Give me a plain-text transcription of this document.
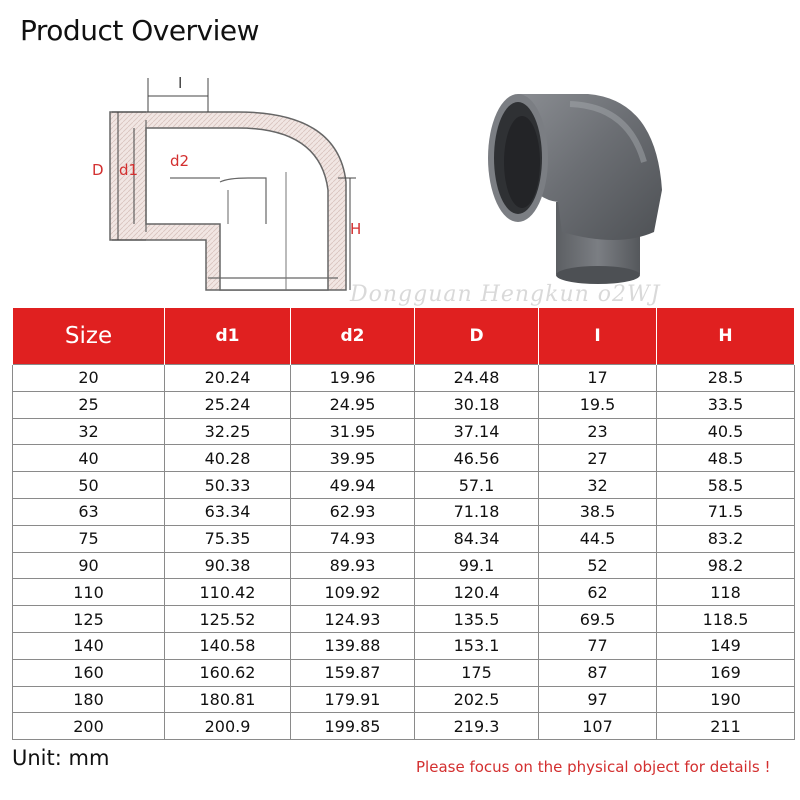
Product Overview
I
D d1 d2
H
Dongguan Hengkun o2WJ
Size	d1	d2	D	I	H
20	20.24	19.96	24.48	17	28.5
25	25.24	24.95	30.18	19.5	33.5
32	32.25	31.95	37.14	23	40.5
40	40.28	39.95	46.56	27	48.5
50	50.33	49.94	57.1	32	58.5
63	63.34	62.93	71.18	38.5	71.5
75	75.35	74.93	84.34	44.5	83.2
90	90.38	89.93	99.1	52	98.2
110	110.42	109.92	120.4	62	118
125	125.52	124.93	135.5	69.5	118.5
140	140.58	139.88	153.1	77	149
160	160.62	159.87	175	87	169
180	180.81	179.91	202.5	97	190
200	200.9	199.85	219.3	107	211
Unit: mm	Please focus on the physical object for details !
